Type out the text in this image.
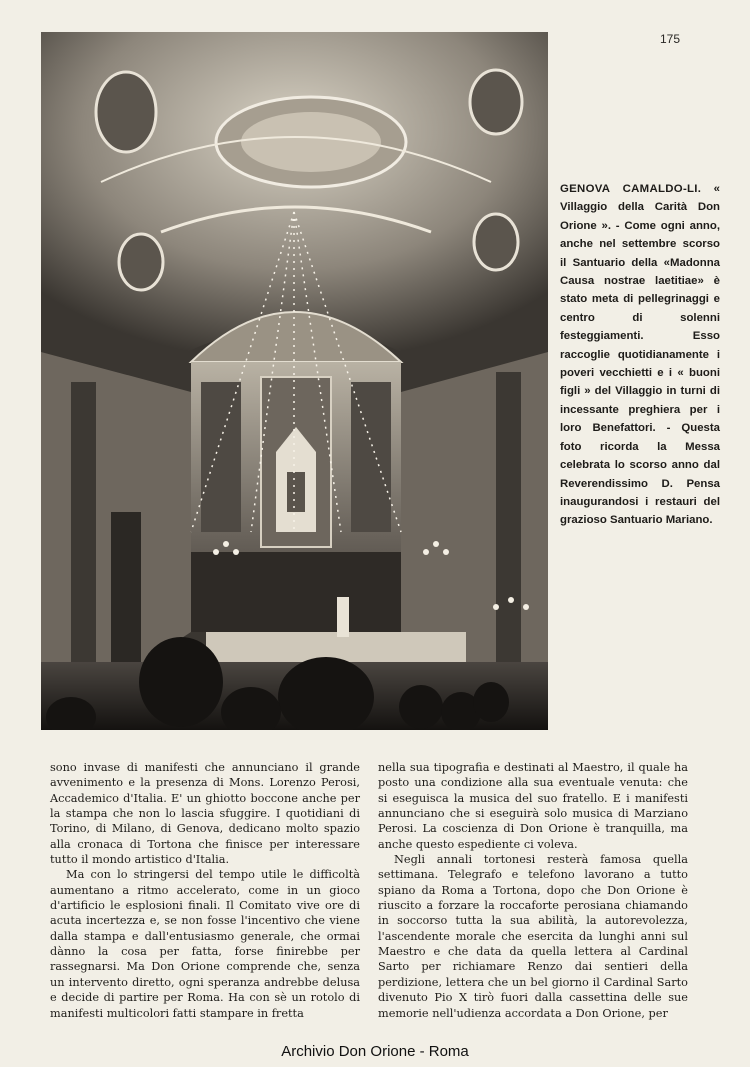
175
GENOVA CAMALDO-LI. « Villaggio della Carità Don Orione ». - Come ogni anno, anche nel settembre scorso il Santuario della «Madonna Causa nostrae laetitiae» è stato meta di pellegrinaggi e centro di solenni festeggiamenti. Esso raccoglie quotidianamente i poveri vecchietti e i « buoni figli » del Villaggio in turni di incessante preghiera per i loro Benefattori. - Questa foto ricorda la Messa celebrata lo scorso anno dal Reverendissimo D. Pensa inaugurandosi i restauri del grazioso Santuario Mariano.

sono invase di manifesti che annunciano il grande avvenimento e la presenza di Mons. Lorenzo Perosi, Accademico d'Italia. E' un ghiotto boccone anche per la stampa che non lo lascia sfuggire. I quotidiani di Torino, di Milano, di Genova, dedicano molto spazio alla cronaca di Tortona che finisce per interessare tutto il mondo artistico d'Italia.

Ma con lo stringersi del tempo utile le difficoltà aumentano a ritmo accelerato, come in un gioco d'artificio le esplosioni finali. Il Comitato vive ore di acuta incertezza e, se non fosse l'incentivo che viene dalla stampa e dall'entusiasmo generale, che ormai dànno la cosa per fatta, forse finirebbe per rassegnarsi. Ma Don Orione comprende che, senza un intervento diretto, ogni speranza andrebbe delusa e decide di partire per Roma. Ha con sè un rotolo di manifesti multicolori fatti stampare in fretta

nella sua tipografia e destinati al Maestro, il quale ha posto una condizione alla sua eventuale venuta: che si eseguisca la musica del suo fratello. E i manifesti annunciano che si eseguirà solo musica di Marziano Perosi. La coscienza di Don Orione è tranquilla, ma anche questo espediente ci voleva.

Negli annali tortonesi resterà famosa quella settimana. Telegrafo e telefono lavorano a tutto spiano da Roma a Tortona, dopo che Don Orione è riuscito a forzare la roccaforte perosiana chiamando in soccorso tutta la sua abilità, la autorevolezza, l'ascendente morale che esercita da lunghi anni sul Maestro e che data da quella lettera al Cardinal Sarto per richiamare Renzo dai sentieri della perdizione, lettera che un bel giorno il Cardinal Sarto divenuto Pio X tirò fuori dalla cassettina delle sue memorie nell'udienza accordata a Don Orione, per

Archivio Don Orione - Roma
